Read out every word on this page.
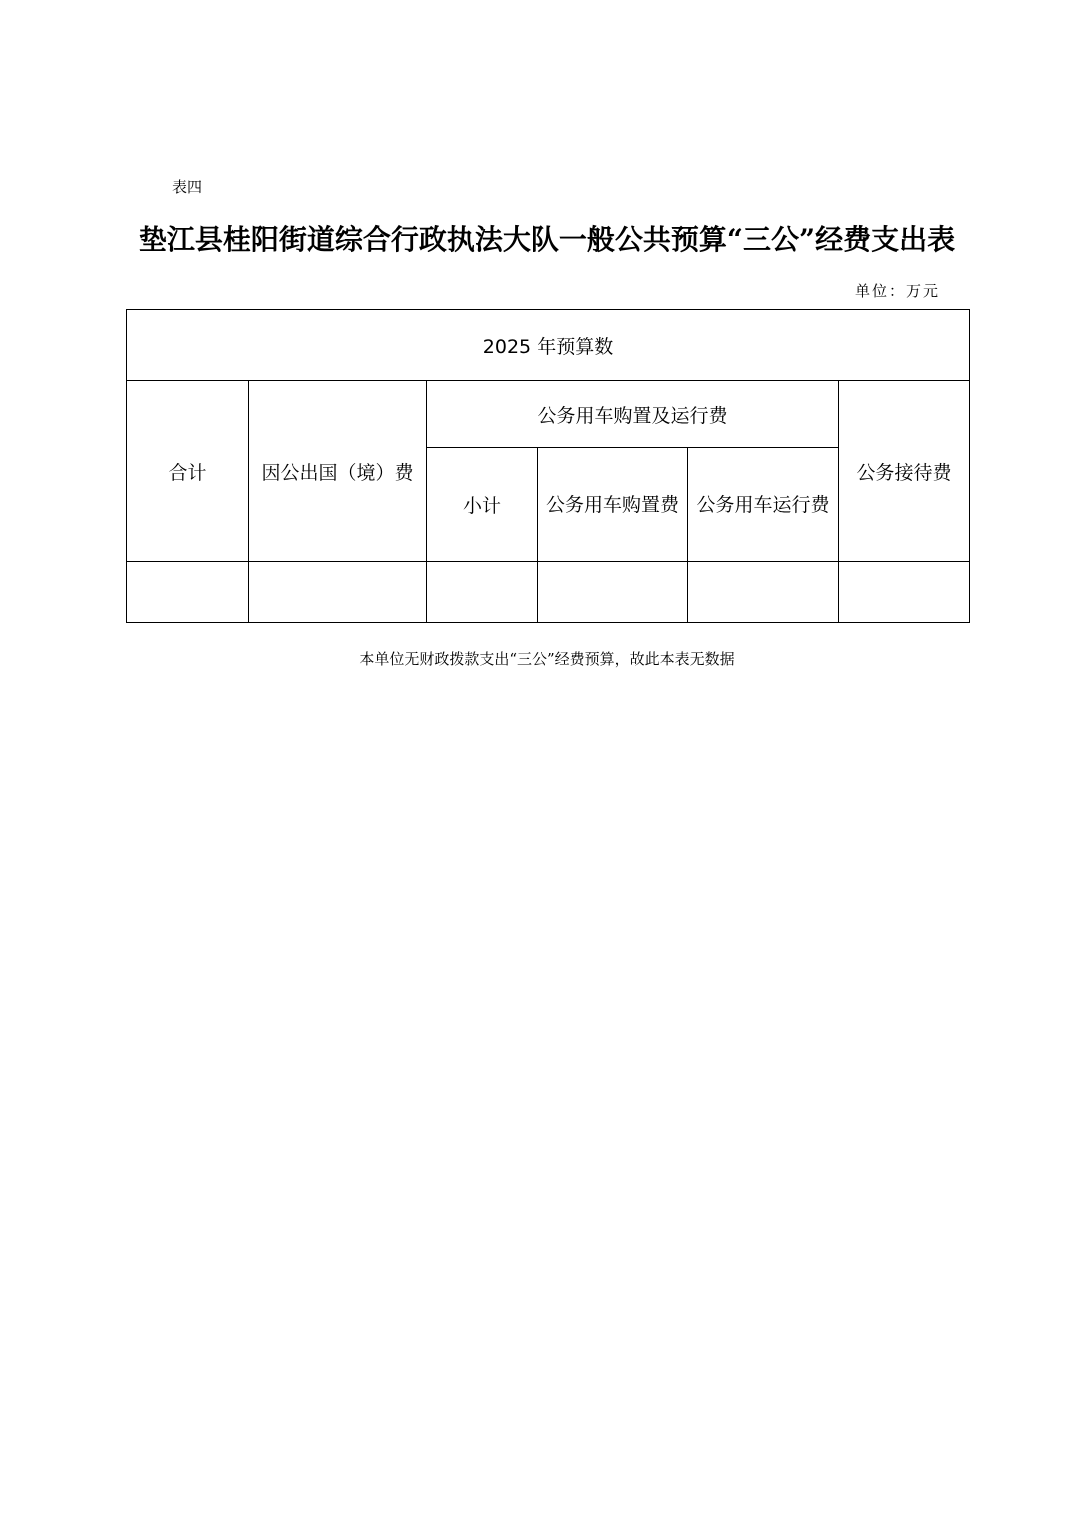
表四
垫江县桂阳街道综合行政执法大队一般公共预算“三公”经费支出表
单位：万元
2025 年预算数					
合计	因公出国（境）费	公务用车购置及运行费			公务接待费
		小计	公务用车购置费	公务用车运行费	

本单位无财政拨款支出“三公”经费预算，故此本表无数据
